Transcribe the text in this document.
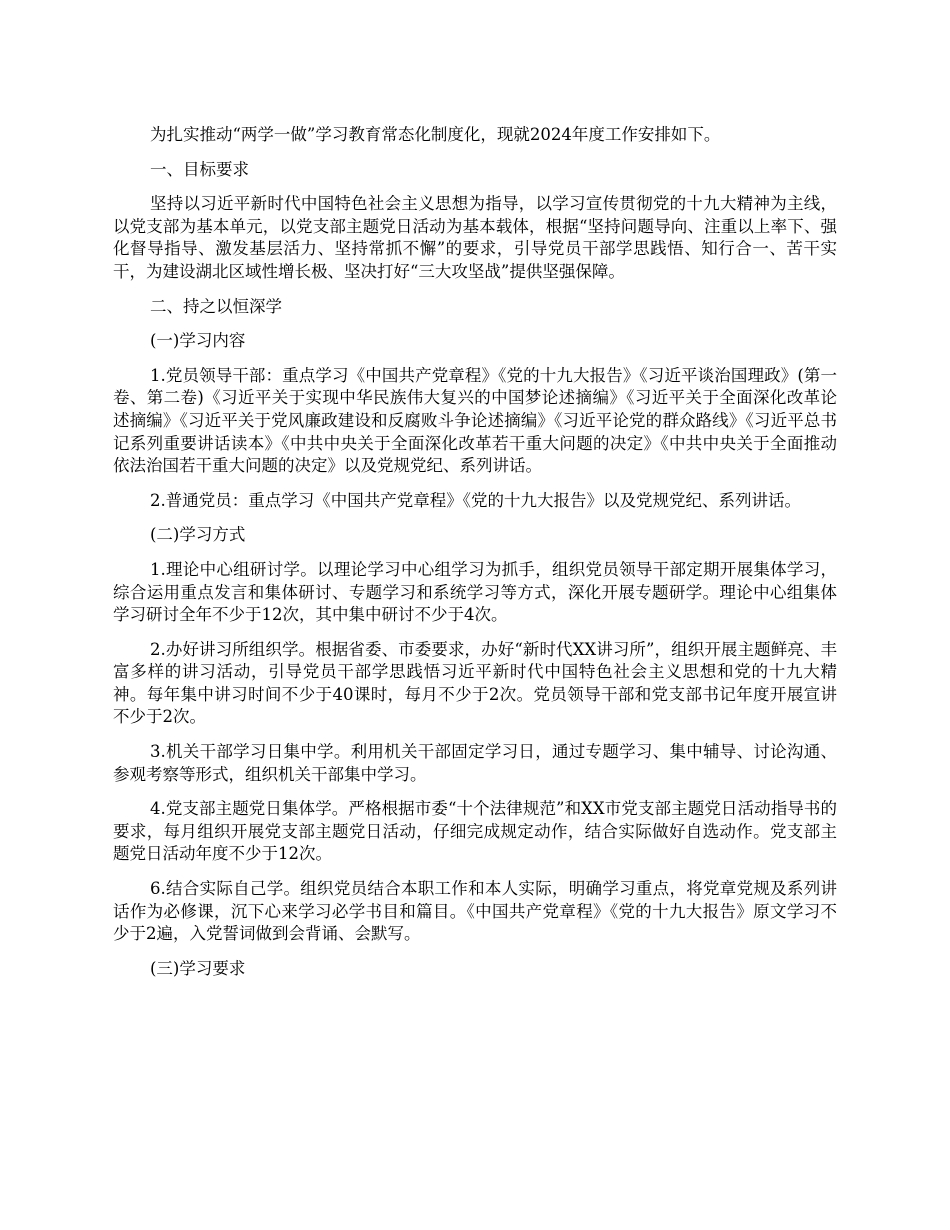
为扎实推动“两学一做”学习教育常态化制度化，现就2024年度工作安排如下。

一、目标要求

坚持以习近平新时代中国特色社会主义思想为指导，以学习宣传贯彻党的十九大精神为主线，以党支部为基本单元，以党支部主题党日活动为基本载体，根据“坚持问题导向、注重以上率下、强化督导指导、激发基层活力、坚持常抓不懈”的要求，引导党员干部学思践悟、知行合一、苦干实干，为建设湖北区域性增长极、坚决打好“三大攻坚战”提供坚强保障。

二、持之以恒深学

(一)学习内容

1.党员领导干部：重点学习《中国共产党章程》《党的十九大报告》《习近平谈治国理政》(第一卷、第二卷)《习近平关于实现中华民族伟大复兴的中国梦论述摘编》《习近平关于全面深化改革论述摘编》《习近平关于党风廉政建设和反腐败斗争论述摘编》《习近平论党的群众路线》《习近平总书记系列重要讲话读本》《中共中央关于全面深化改革若干重大问题的决定》《中共中央关于全面推动依法治国若干重大问题的决定》以及党规党纪、系列讲话。

2.普通党员：重点学习《中国共产党章程》《党的十九大报告》以及党规党纪、系列讲话。

(二)学习方式

1.理论中心组研讨学。以理论学习中心组学习为抓手，组织党员领导干部定期开展集体学习，综合运用重点发言和集体研讨、专题学习和系统学习等方式，深化开展专题研学。理论中心组集体学习研讨全年不少于12次，其中集中研讨不少于4次。

2.办好讲习所组织学。根据省委、市委要求，办好“新时代XX讲习所”，组织开展主题鲜亮、丰富多样的讲习活动，引导党员干部学思践悟习近平新时代中国特色社会主义思想和党的十九大精神。每年集中讲习时间不少于40课时，每月不少于2次。党员领导干部和党支部书记年度开展宣讲不少于2次。

3.机关干部学习日集中学。利用机关干部固定学习日，通过专题学习、集中辅导、讨论沟通、参观考察等形式，组织机关干部集中学习。

4.党支部主题党日集体学。严格根据市委“十个法律规范”和XX市党支部主题党日活动指导书的要求，每月组织开展党支部主题党日活动，仔细完成规定动作，结合实际做好自选动作。党支部主题党日活动年度不少于12次。

6.结合实际自己学。组织党员结合本职工作和本人实际，明确学习重点，将党章党规及系列讲话作为必修课，沉下心来学习必学书目和篇目。《中国共产党章程》《党的十九大报告》原文学习不少于2遍，入党誓词做到会背诵、会默写。

(三)学习要求
